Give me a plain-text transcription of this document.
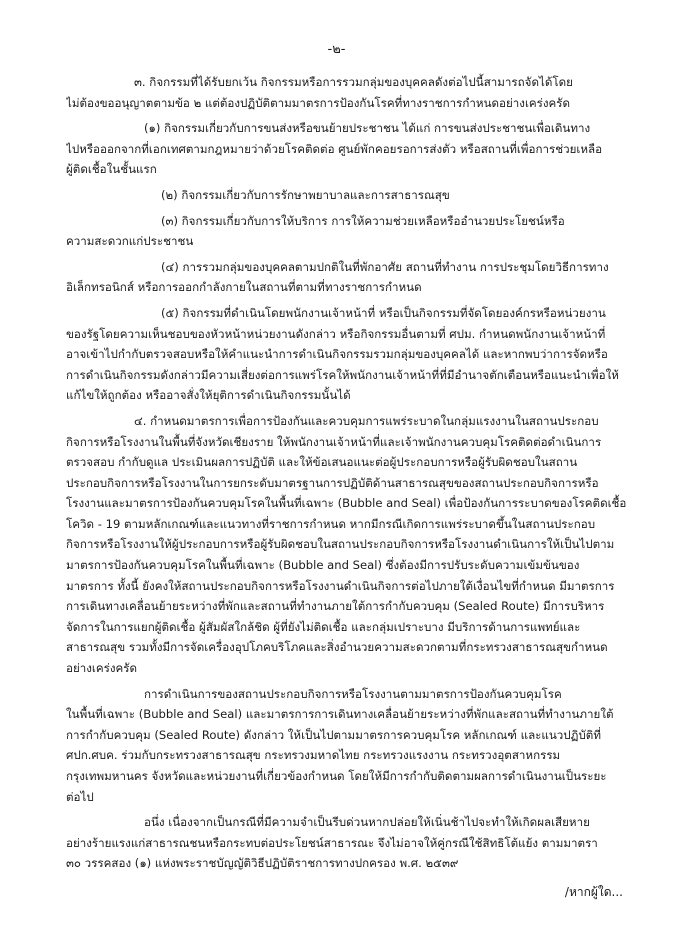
-๒-
๓. กิจกรรมที่ได้รับยกเว้น กิจกรรมหรือการรวมกลุ่มของบุคคลดังต่อไปนี้สามารถจัดได้โดย
ไม่ต้องขออนุญาตตามข้อ ๒ แต่ต้องปฏิบัติตามมาตรการป้องกันโรคที่ทางราชการกำหนดอย่างเคร่งครัด
(๑) กิจกรรมเกี่ยวกับการขนส่งหรือขนย้ายประชาชน ได้แก่ การขนส่งประชาชนเพื่อเดินทาง
ไปหรือออกจากที่เอกเทศตามกฎหมายว่าด้วยโรคติดต่อ ศูนย์พักคอยรอการส่งตัว หรือสถานที่เพื่อการช่วยเหลือ
ผู้ติดเชื้อในชั้นแรก
(๒) กิจกรรมเกี่ยวกับการรักษาพยาบาลและการสาธารณสุข
(๓) กิจกรรมเกี่ยวกับการให้บริการ การให้ความช่วยเหลือหรืออำนวยประโยชน์หรือ
ความสะดวกแก่ประชาชน
(๔) การรวมกลุ่มของบุคคลตามปกติในที่พักอาศัย สถานที่ทำงาน การประชุมโดยวิธีการทาง
อิเล็กทรอนิกส์ หรือการออกกำลังกายในสถานที่ตามที่ทางราชการกำหนด
(๕) กิจกรรมที่ดำเนินโดยพนักงานเจ้าหน้าที่ หรือเป็นกิจกรรมที่จัดโดยองค์กรหรือหน่วยงาน
ของรัฐโดยความเห็นชอบของหัวหน้าหน่วยงานดังกล่าว หรือกิจกรรมอื่นตามที่ ศปม. กำหนดพนักงานเจ้าหน้าที่
อาจเข้าไปกำกับตรวจสอบหรือให้คำแนะนำการดำเนินกิจกรรมรวมกลุ่มของบุคคลได้ และหากพบว่าการจัดหรือ
การดำเนินกิจกรรมดังกล่าวมีความเสี่ยงต่อการแพร่โรคให้พนักงานเจ้าหน้าที่ที่มีอำนาจตักเตือนหรือแนะนำเพื่อให้
แก้ไขให้ถูกต้อง หรืออาจสั่งให้ยุติการดำเนินกิจกรรมนั้นได้
๔. กำหนดมาตรการเพื่อการป้องกันและควบคุมการแพร่ระบาดในกลุ่มแรงงานในสถานประกอบ
กิจการหรือโรงงานในพื้นที่จังหวัดเชียงราย ให้พนักงานเจ้าหน้าที่และเจ้าพนักงานควบคุมโรคติดต่อดำเนินการ
ตรวจสอบ กำกับดูแล ประเมินผลการปฏิบัติ และให้ข้อเสนอแนะต่อผู้ประกอบการหรือผู้รับผิดชอบในสถาน
ประกอบกิจการหรือโรงงานในการยกระดับมาตรฐานการปฏิบัติด้านสาธารณสุขของสถานประกอบกิจการหรือ
โรงงานและมาตรการป้องกันควบคุมโรคในพื้นที่เฉพาะ (Bubble and Seal) เพื่อป้องกันการระบาดของโรคติดเชื้อ
โควิด - 19 ตามหลักเกณฑ์และแนวทางที่ราชการกำหนด หากมีกรณีเกิดการแพร่ระบาดขึ้นในสถานประกอบ
กิจการหรือโรงงานให้ผู้ประกอบการหรือผู้รับผิดชอบในสถานประกอบกิจการหรือโรงงานดำเนินการให้เป็นไปตาม
มาตรการป้องกันควบคุมโรคในพื้นที่เฉพาะ (Bubble and Seal) ซึ่งต้องมีการปรับระดับความเข้มข้นของ
มาตรการ ทั้งนี้ ยังคงให้สถานประกอบกิจการหรือโรงงานดำเนินกิจการต่อไปภายใต้เงื่อนไขที่กำหนด มีมาตรการ
การเดินทางเคลื่อนย้ายระหว่างที่พักและสถานที่ทำงานภายใต้การกำกับควบคุม (Sealed Route) มีการบริหาร
จัดการในการแยกผู้ติดเชื้อ ผู้สัมผัสใกล้ชิด ผู้ที่ยังไม่ติดเชื้อ และกลุ่มเปราะบาง มีบริการด้านการแพทย์และ
สาธารณสุข รวมทั้งมีการจัดเครื่องอุปโภคบริโภคและสิ่งอำนวยความสะดวกตามที่กระทรวงสาธารณสุขกำหนด
อย่างเคร่งครัด
การดำเนินการของสถานประกอบกิจการหรือโรงงานตามมาตรการป้องกันควบคุมโรค
ในพื้นที่เฉพาะ (Bubble and Seal) และมาตรการการเดินทางเคลื่อนย้ายระหว่างที่พักและสถานที่ทำงานภายใต้
การกำกับควบคุม (Sealed Route) ดังกล่าว ให้เป็นไปตามมาตรการควบคุมโรค หลักเกณฑ์ และแนวปฏิบัติที่
ศปก.ศบค. ร่วมกับกระทรวงสาธารณสุข กระทรวงมหาดไทย กระทรวงแรงงาน กระทรวงอุตสาหกรรม
กรุงเทพมหานคร จังหวัดและหน่วยงานที่เกี่ยวข้องกำหนด โดยให้มีการกำกับติดตามผลการดำเนินงานเป็นระยะ
ต่อไป
อนึ่ง เนื่องจากเป็นกรณีที่มีความจำเป็นรีบด่วนหากปล่อยให้เนิ่นช้าไปจะทำให้เกิดผลเสียหาย
อย่างร้ายแรงแก่สาธารณชนหรือกระทบต่อประโยชน์สาธารณะ จึงไม่อาจให้คู่กรณีใช้สิทธิโต้แย้ง ตามมาตรา
๓๐ วรรคสอง (๑) แห่งพระราชบัญญัติวิธีปฏิบัติราชการทางปกครอง พ.ศ. ๒๕๓๙
/หากผู้ใด...
